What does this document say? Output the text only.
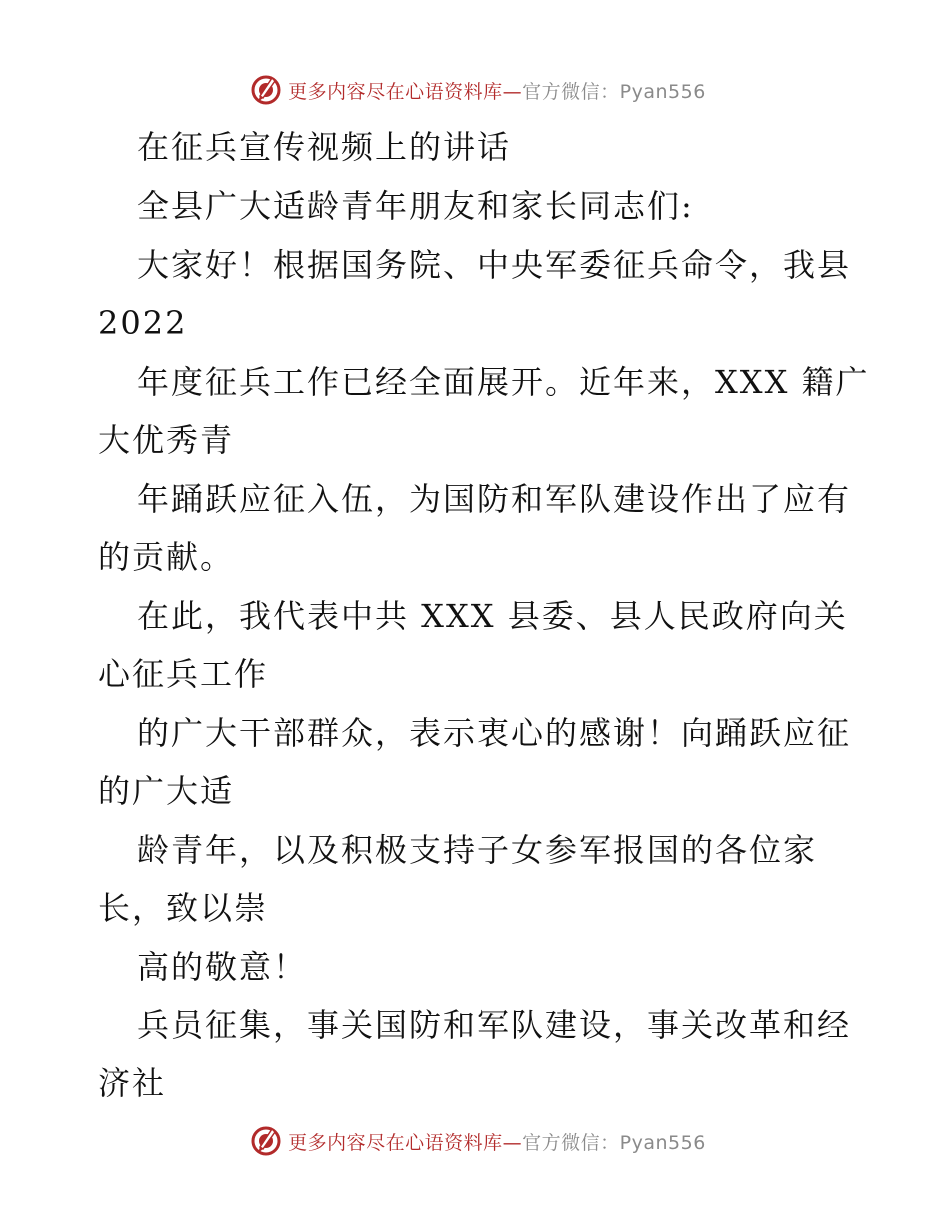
更多内容尽在心语资料库—官方微信：Pyan556
在征兵宣传视频上的讲话
全县广大适龄青年朋友和家长同志们:
大家好！根据国务院、中央军委征兵命令，我县
2022
年度征兵工作已经全面展开。近年来，XXX 籍广
大优秀青
年踊跃应征入伍，为国防和军队建设作出了应有
的贡献。
在此，我代表中共 XXX 县委、县人民政府向关
心征兵工作
的广大干部群众，表示衷心的感谢！向踊跃应征
的广大适
龄青年，以及积极支持子女参军报国的各位家
长，致以崇
高的敬意！
兵员征集，事关国防和军队建设，事关改革和经
济社
更多内容尽在心语资料库—官方微信：Pyan556
